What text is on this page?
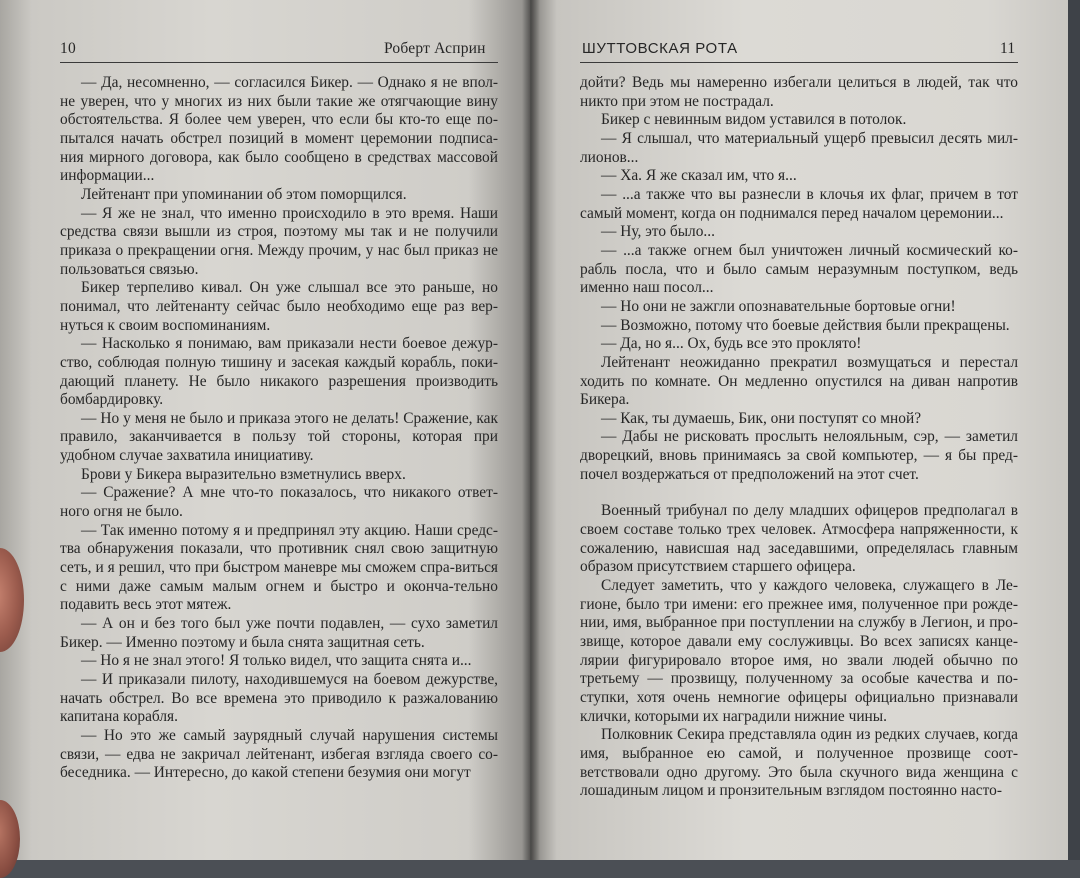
10	Роберт Асприн

— Да, несомненно, — согласился Бикер. — Однако я не впол-не уверен, что у многих из них были такие же отягчающие вину обстоятельства. Я более чем уверен, что если бы кто-то еще по-пытался начать обстрел позиций в момент церемонии подписа-ния мирного договора, как было сообщено в средствах массовой информации...

Лейтенант при упоминании об этом поморщился.

— Я же не знал, что именно происходило в это время. Наши средства связи вышли из строя, поэтому мы так и не получили приказа о прекращении огня. Между прочим, у нас был приказ не пользоваться связью.

Бикер терпеливо кивал. Он уже слышал все это раньше, но понимал, что лейтенанту сейчас было необходимо еще раз вер-нуться к своим воспоминаниям.

— Насколько я понимаю, вам приказали нести боевое дежур-ство, соблюдая полную тишину и засекая каждый корабль, поки-дающий планету. Не было никакого разрешения производить бомбардировку.

— Но у меня не было и приказа этого не делать! Сражение, как правило, заканчивается в пользу той стороны, которая при удобном случае захватила инициативу.

Брови у Бикера выразительно взметнулись вверх.

— Сражение? А мне что-то показалось, что никакого ответ-ного огня не было.

— Так именно потому я и предпринял эту акцию. Наши средс-тва обнаружения показали, что противник снял свою защитную сеть, и я решил, что при быстром маневре мы сможем спра-виться с ними даже самым малым огнем и быстро и оконча-тельно подавить весь этот мятеж.

— А он и без того был уже почти подавлен, — сухо заметил Бикер. — Именно поэтому и была снята защитная сеть.

— Но я не знал этого! Я только видел, что защита снята и...

— И приказали пилоту, находившемуся на боевом дежурстве, начать обстрел. Во все времена это приводило к разжалованию капитана корабля.

— Но это же самый заурядный случай нарушения системы связи, — едва не закричал лейтенант, избегая взгляда своего со-беседника. — Интересно, до какой степени безумия они могут

ШУТТОВСКАЯ РОТА	11

дойти? Ведь мы намеренно избегали целиться в людей, так что никто при этом не пострадал.

Бикер с невинным видом уставился в потолок.

— Я слышал, что материальный ущерб превысил десять мил-лионов...

— Ха. Я же сказал им, что я...

— ...а также что вы разнесли в клочья их флаг, причем в тот самый момент, когда он поднимался перед началом церемонии...

— Ну, это было...

— ...а также огнем был уничтожен личный космический ко-рабль посла, что и было самым неразумным поступком, ведь именно наш посол...

— Но они не зажгли опознавательные бортовые огни!

— Возможно, потому что боевые действия были прекращены.

— Да, но я... Ох, будь все это проклято!

Лейтенант неожиданно прекратил возмущаться и перестал ходить по комнате. Он медленно опустился на диван напротив Бикера.

— Как, ты думаешь, Бик, они поступят со мной?

— Дабы не рисковать прослыть нелояльным, сэр, — заметил дворецкий, вновь принимаясь за свой компьютер, — я бы пред-почел воздержаться от предположений на этот счет.

Военный трибунал по делу младших офицеров предполагал в своем составе только трех человек. Атмосфера напряженности, к сожалению, нависшая над заседавшими, определялась главным образом присутствием старшего офицера.

Следует заметить, что у каждого человека, служащего в Ле-гионе, было три имени: его прежнее имя, полученное при рожде-нии, имя, выбранное при поступлении на службу в Легион, и про-звище, которое давали ему сослуживцы. Во всех записях канце-лярии фигурировало второе имя, но звали людей обычно по третьему — прозвищу, полученному за особые качества и по-ступки, хотя очень немногие офицеры официально признавали клички, которыми их наградили нижние чины.

Полковник Секира представляла один из редких случаев, когда имя, выбранное ею самой, и полученное прозвище соот-ветствовали одно другому. Это была скучного вида женщина с лошадиным лицом и пронзительным взглядом постоянно насто-
